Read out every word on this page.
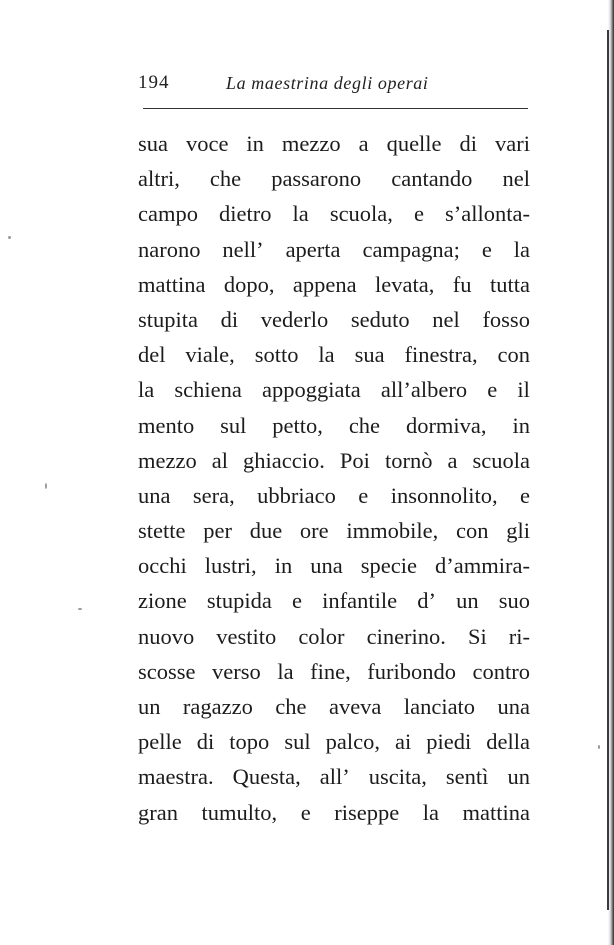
194	La maestrina degli operai
sua voce in mezzo a quelle di vari
altri, che passarono cantando nel
campo dietro la scuola, e s’allonta-
narono nell’ aperta campagna; e la
mattina dopo, appena levata, fu tutta
stupita di vederlo seduto nel fosso
del viale, sotto la sua finestra, con
la schiena appoggiata all’albero e il
mento sul petto, che dormiva, in
mezzo al ghiaccio. Poi tornò a scuola
una sera, ubbriaco e insonnolito, e
stette per due ore immobile, con gli
occhi lustri, in una specie d’ammira-
zione stupida e infantile d’ un suo
nuovo vestito color cinerino. Si ri-
scosse verso la fine, furibondo contro
un ragazzo che aveva lanciato una
pelle di topo sul palco, ai piedi della
maestra. Questa, all’ uscita, sentì un
gran tumulto, e riseppe la mattina
